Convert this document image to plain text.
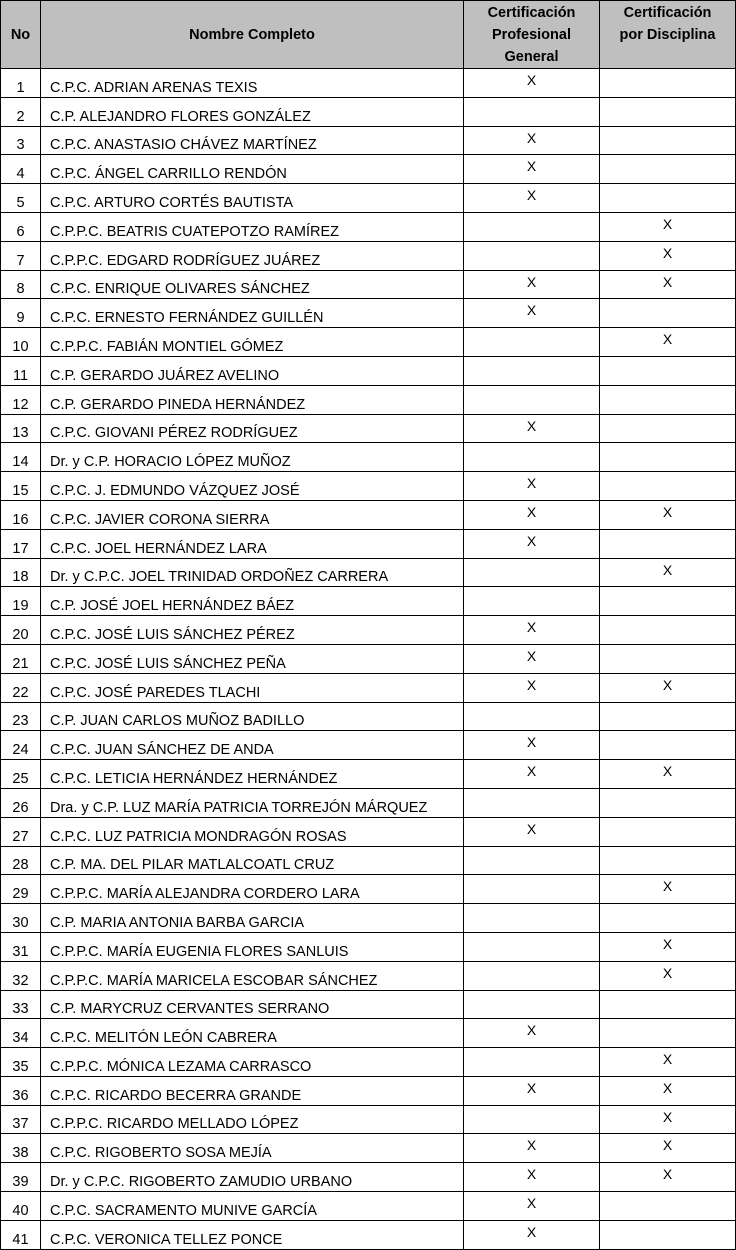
No	Nombre Completo	Certificación
Profesional
General	Certificación
por Disciplina

1	C.P.C. ADRIAN ARENAS TEXIS	X	
2	C.P. ALEJANDRO FLORES GONZÁLEZ		
3	C.P.C. ANASTASIO CHÁVEZ MARTÍNEZ	X	
4	C.P.C. ÁNGEL CARRILLO RENDÓN	X	
5	C.P.C. ARTURO CORTÉS BAUTISTA	X	
6	C.P.P.C. BEATRIS CUATEPOTZO RAMÍREZ		X
7	C.P.P.C. EDGARD RODRÍGUEZ JUÁREZ		X
8	C.P.C. ENRIQUE OLIVARES SÁNCHEZ	X	X
9	C.P.C. ERNESTO FERNÁNDEZ GUILLÉN	X	
10	C.P.P.C. FABIÁN MONTIEL GÓMEZ		X
11	C.P. GERARDO JUÁREZ AVELINO		
12	C.P. GERARDO PINEDA HERNÁNDEZ		
13	C.P.C. GIOVANI PÉREZ RODRÍGUEZ	X	
14	Dr. y C.P. HORACIO LÓPEZ MUÑOZ		
15	C.P.C. J. EDMUNDO VÁZQUEZ JOSÉ	X	
16	C.P.C. JAVIER CORONA SIERRA	X	X
17	C.P.C. JOEL HERNÁNDEZ LARA	X	
18	Dr. y C.P.C. JOEL TRINIDAD ORDOÑEZ CARRERA		X
19	C.P. JOSÉ JOEL HERNÁNDEZ BÁEZ		
20	C.P.C. JOSÉ LUIS SÁNCHEZ PÉREZ	X	
21	C.P.C. JOSÉ LUIS SÁNCHEZ PEÑA	X	
22	C.P.C. JOSÉ PAREDES TLACHI	X	X
23	C.P. JUAN CARLOS MUÑOZ BADILLO		
24	C.P.C. JUAN SÁNCHEZ DE ANDA	X	
25	C.P.C. LETICIA HERNÁNDEZ HERNÁNDEZ	X	X
26	Dra. y C.P. LUZ MARÍA PATRICIA TORREJÓN MÁRQUEZ		
27	C.P.C. LUZ PATRICIA MONDRAGÓN ROSAS	X	
28	C.P. MA. DEL PILAR MATLALCOATL CRUZ		
29	C.P.P.C. MARÍA ALEJANDRA CORDERO LARA		X
30	C.P. MARIA ANTONIA BARBA GARCIA		
31	C.P.P.C. MARÍA EUGENIA FLORES SANLUIS		X
32	C.P.P.C. MARÍA MARICELA ESCOBAR SÁNCHEZ		X
33	C.P. MARYCRUZ CERVANTES SERRANO		
34	C.P.C. MELITÓN LEÓN CABRERA	X	
35	C.P.P.C. MÓNICA LEZAMA CARRASCO		X
36	C.P.C. RICARDO BECERRA GRANDE	X	X
37	C.P.P.C. RICARDO MELLADO LÓPEZ		X
38	C.P.C. RIGOBERTO SOSA MEJÍA	X	X
39	Dr. y C.P.C. RIGOBERTO ZAMUDIO URBANO	X	X
40	C.P.C. SACRAMENTO MUNIVE GARCÍA	X	
41	C.P.C. VERONICA TELLEZ PONCE	X	
